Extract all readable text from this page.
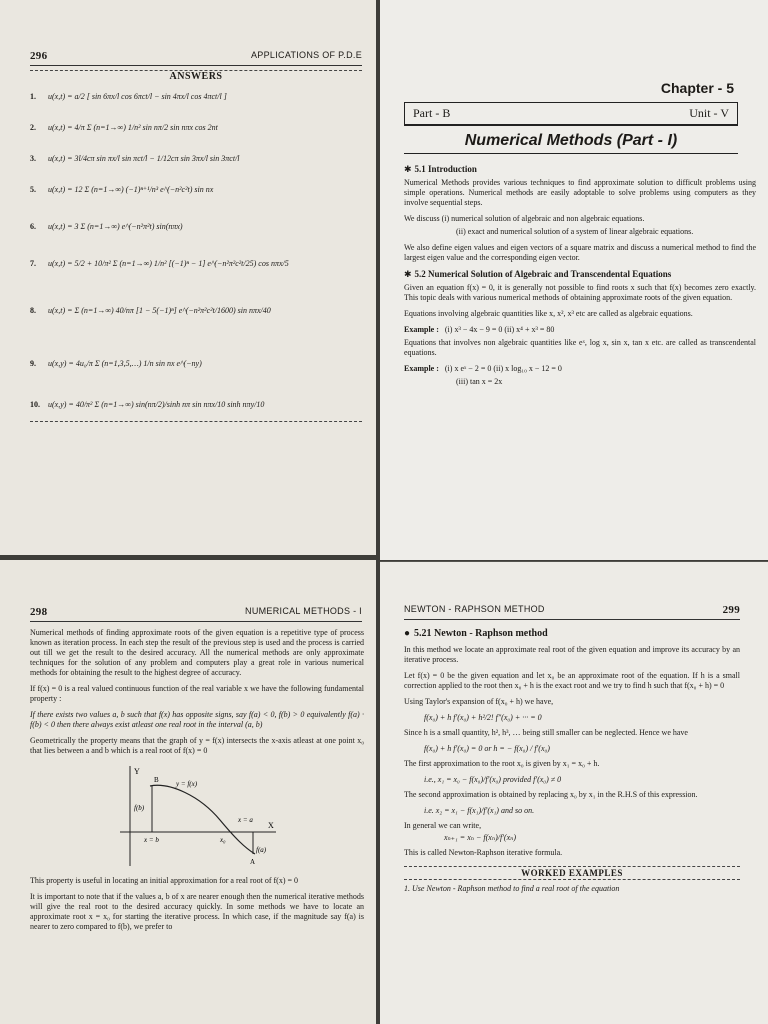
296	APPLICATIONS OF P.D.E
ANSWERS
1. u(x,t) = a/2 [ sin 6πx/l cos 6πct/l − sin 4πx/l cos 4πct/l ]
2. u(x,t) = 4/π Σ (n=1→∞) 1/n² sin nπ/2 sin nπx cos 2nt
3. u(x,t) = 3l/4cπ sin πx/l sin πct/l − 1/12cπ sin 3πx/l sin 3πct/l
5. u(x,t) = 12 Σ (n=1→∞) (−1)ⁿ⁺¹/n³ e^(−n²c²t) sin nx
6. u(x,t) = 3 Σ (n=1→∞) e^(−n²π²t) sin(nπx)
7. u(x,t) = 5/2 + 10/π² Σ (n=1→∞) 1/n² [(−1)ⁿ − 1] e^(−n²π²c²t/25) cos nπx/5
8. u(x,t) = Σ (n=1→∞) 40/nπ [1 − 5(−1)ⁿ] e^(−n²π²c²t/1600) sin nπx/40
9. u(x,y) = 4u₀/π Σ (n=1,3,5,…) 1/n sin nx e^(−ny)
10. u(x,y) = 40/π² Σ (n=1→∞) sin(nπ/2)/sinh nπ sin nπx/10 sinh nπy/10
Chapter - 5
Part - B	Unit - V
Numerical Methods (Part - I)
✱ 5.1 Introduction

Numerical Methods provides various techniques to find approximate solution to difficult problems using simple operations. Numerical methods are easily adoptable to solve problems using computers as they involve sequential steps.

We discuss (i) numerical solution of algebraic and non algebraic equations.

(ii) exact and numerical solution of a system of linear algebraic equations.

We also define eigen values and eigen vectors of a square matrix and discuss a numerical method to find the largest eigen value and the corresponding eigen vector.

✱ 5.2 Numerical Solution of Algebraic and Transcendental Equations

Given an equation f(x) = 0, it is generally not possible to find roots x such that f(x) becomes zero exactly. This topic deals with various numerical methods of obtaining approximate roots of the given equation.

Equations involving algebraic quantities like x, x², x³ etc are called as algebraic equations.

Example : (i) x³ − 4x − 9 = 0 (ii) x⁴ + x³ = 80

Equations that involves non algebraic quantities like eˣ, log x, sin x, tan x etc. are called as transcendental equations.

Example : (i) x eˣ − 2 = 0 (ii) x log₁₀ x − 12 = 0
(iii) tan x = 2x
298	NUMERICAL METHODS - I

Numerical methods of finding approximate roots of the given equation is a repetitive type of process known as iteration process. In each step the result of the previous step is used and the process is carried out till we get the result to the desired accuracy. All the numerical methods are only approximate techniques for the solution of any problem and computers play a great role in various numerical methods for obtaining the result to the highest degree of accuracy.

If f(x) = 0 is a real valued continuous function of the real variable x we have the following fundamental property :

If there exists two values a, b such that f(x) has opposite signs, say f(a) < 0, f(b) > 0 equivalently f(a) · f(b) < 0 then there always exist atleast one real root in the interval (a, b)

Geometrically the property means that the graph of y = f(x) intersects the x-axis atleast at one point x₀ that lies between a and b which is a real root of f(x) = 0

Y
X
B y = f(x)
f(b)
x = a
x = b	x₀
f(a)
A

This property is useful in locating an initial approximation for a real root of f(x) = 0

It is important to note that if the values a, b of x are nearer enough then the numerical iterative methods will give the real root to the desired accuracy quickly. In some methods we have to locate an approximate root x = x₀ for starting the iterative process. In which case, if the magnitude say f(a) is nearer to zero compared to f(b), we prefer to

NEWTON - RAPHSON METHOD	299
● 5.21 Newton - Raphson method

In this method we locate an approximate real root of the given equation and improve its accuracy by an iterative process.

Let f(x) = 0 be the given equation and let x₀ be an approximate root of the equation. If h is a small correction applied to the root then x₀ + h is the exact root and we try to find h such that f(x₀ + h) = 0

Using Taylor's expansion of f(x₀ + h) we have,

f(x₀) + h f′(x₀) + h²/2! f″(x₀) + ··· = 0

Since h is a small quantity, h², h³, … being still smaller can be neglected. Hence we have

f(x₀) + h f′(x₀) = 0 or h = − f(x₀) / f′(x₀)

The first approximation to the root x₀ is given by x₁ = x₀ + h.

i.e., x₁ = x₀ − f(x₀)/f′(x₀) provided f′(x₀) ≠ 0

The second approximation is obtained by replacing x₀ by x₁ in the R.H.S of this expression.

i.e. x₂ = x₁ − f(x₁)/f′(x₁) and so on.

In general we can write,

xₙ₊₁ = xₙ − f(xₙ)/f′(xₙ)

This is called Newton-Raphson iterative formula.

WORKED EXAMPLES

1. Use Newton - Raphson method to find a real root of the equation
